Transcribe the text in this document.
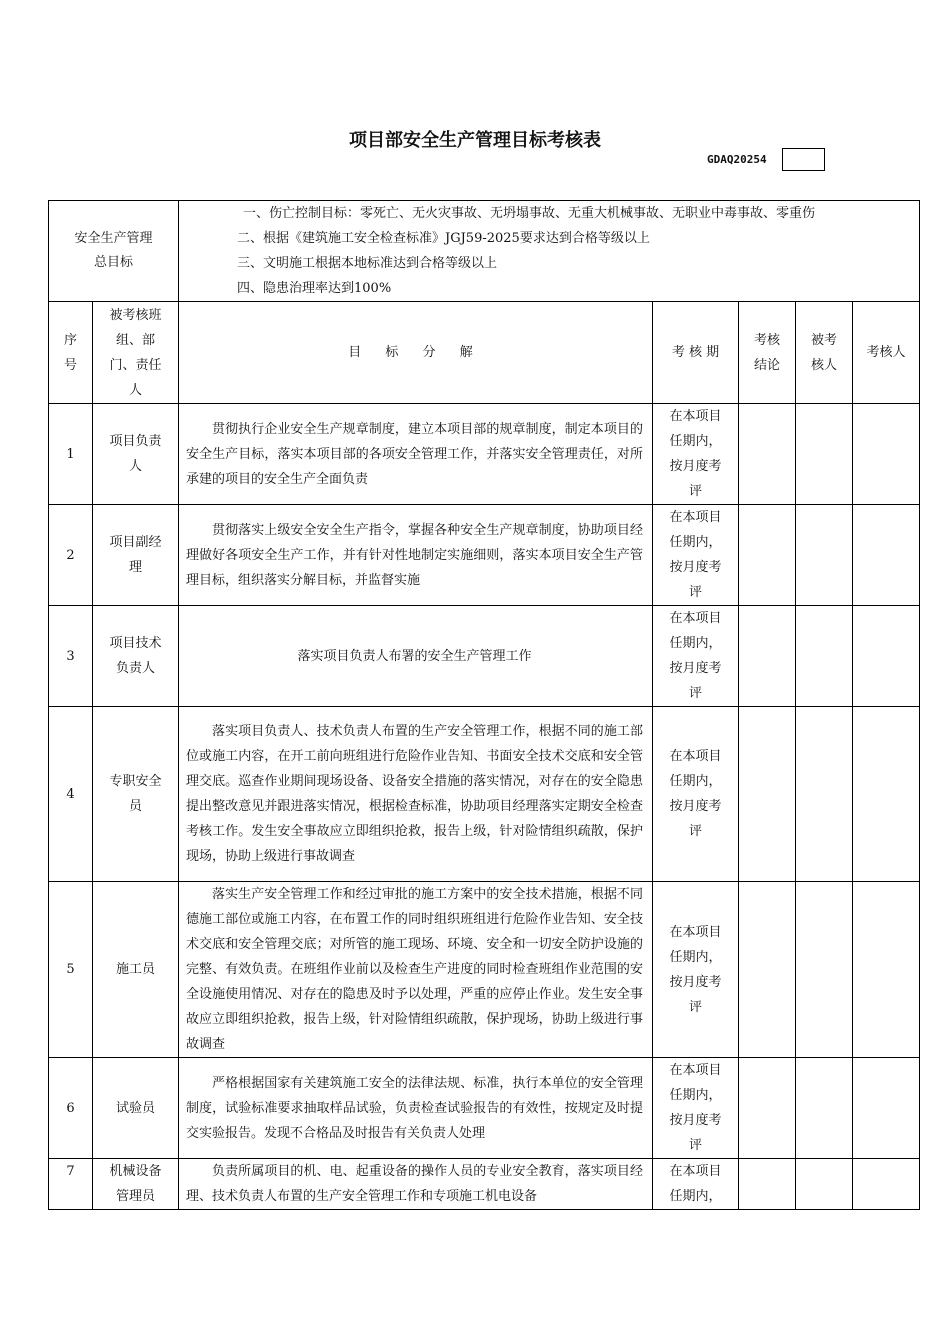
项目部安全生产管理目标考核表
GDAQ20254
安全生产管理总目标		一、伤亡控制目标：零死亡、无火灾事故、无坍塌事故、无重大机械事故、无职业中毒事故、零重伤
二、根据《建筑施工安全检查标准》JGJ59-2025要求达到合格等级以上
三、文明施工根据本地标准达到合格等级以上
四、隐患治理率达到100%				

序号	被考核班组、部门、责任人	目 标 分 解	考 核 期	考核结论	被考核人	考核人
1	项目负责人	贯彻执行企业安全生产规章制度，建立本项目部的规章制度，制定本项目的安全生产目标，落实本项目部的各项安全管理工作，并落实安全管理责任，对所承建的项目的安全生产全面负责	在本项目任期内，按月度考评			
2	项目副经理	贯彻落实上级安全安全生产指令，掌握各种安全生产规章制度，协助项目经理做好各项安全生产工作，并有针对性地制定实施细则，落实本项目安全生产管理目标，组织落实分解目标，并监督实施	在本项目任期内，按月度考评			
3	项目技术负责人	落实项目负责人布署的安全生产管理工作	在本项目任期内，按月度考评			
4	专职安全员	落实项目负责人、技术负责人布置的生产安全管理工作，根据不同的施工部位或施工内容，在开工前向班组进行危险作业告知、书面安全技术交底和安全管理交底。巡查作业期间现场设备、设备安全措施的落实情况，对存在的安全隐患提出整改意见并跟进落实情况，根据检查标准，协助项目经理落实定期安全检查考核工作。发生安全事故应立即组织抢救，报告上级，针对险情组织疏散，保护现场，协助上级进行事故调查	在本项目任期内，按月度考评			
5	施工员	落实生产安全管理工作和经过审批的施工方案中的安全技术措施，根据不同德施工部位或施工内容，在布置工作的同时组织班组进行危险作业告知、安全技术交底和安全管理交底；对所管的施工现场、环境、安全和一切安全防护设施的完整、有效负责。在班组作业前以及检查生产进度的同时检查班组作业范围的安全设施使用情况、对存在的隐患及时予以处理，严重的应停止作业。发生安全事故应立即组织抢救，报告上级，针对险情组织疏散，保护现场，协助上级进行事故调查	在本项目任期内，按月度考评			
6	试验员	严格根据国家有关建筑施工安全的法律法规、标准，执行本单位的安全管理制度，试验标准要求抽取样品试验，负责检查试验报告的有效性，按规定及时提交实验报告。发现不合格品及时报告有关负责人处理	在本项目任期内，按月度考评			
7	机械设备管理员	负责所属项目的机、电、起重设备的操作人员的专业安全教育，落实项目经理、技术负责人布置的生产安全管理工作和专项施工机电设备	在本项目任期内，			
